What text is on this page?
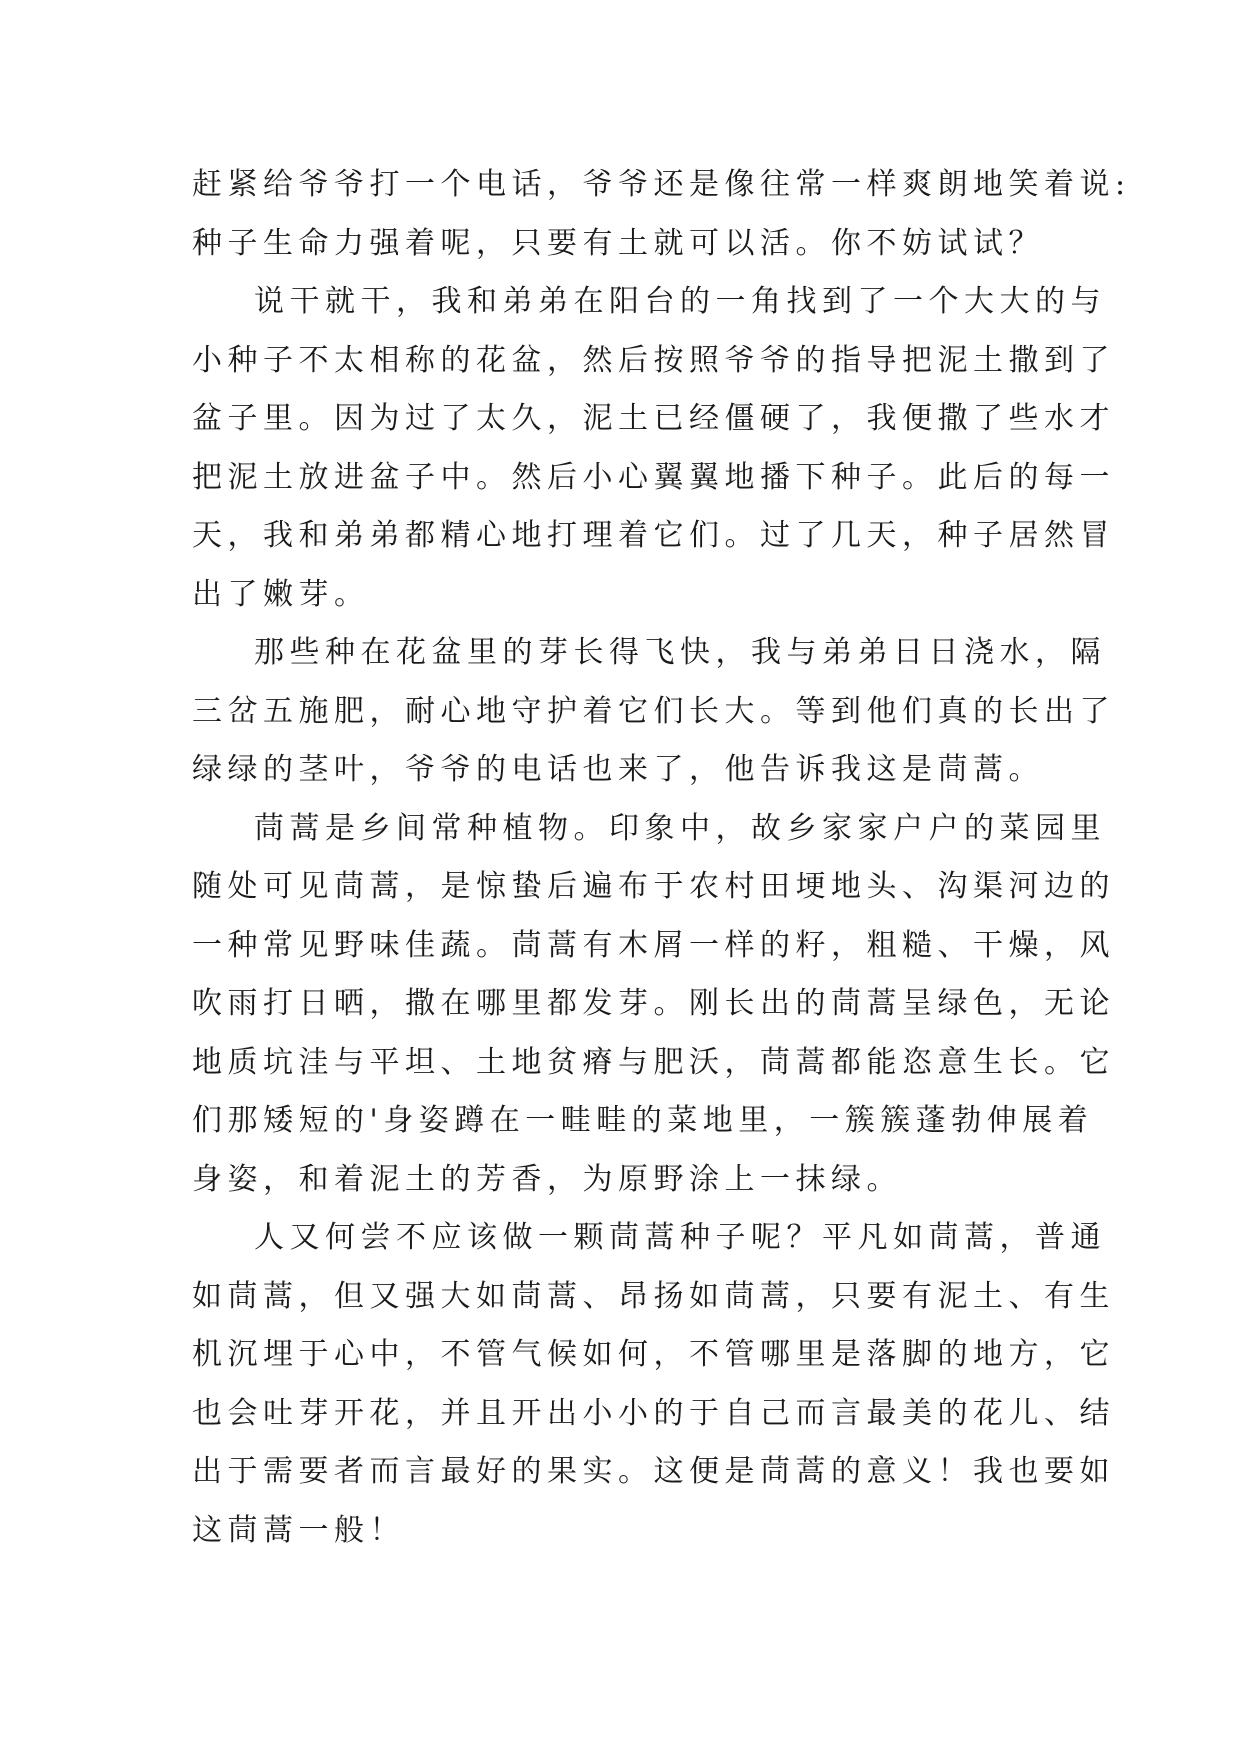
赶紧给爷爷打一个电话，爷爷还是像往常一样爽朗地笑着说:
种子生命力强着呢，只要有土就可以活。你不妨试试？
说干就干，我和弟弟在阳台的一角找到了一个大大的与
小种子不太相称的花盆，然后按照爷爷的指导把泥土撒到了
盆子里。因为过了太久，泥土已经僵硬了，我便撒了些水才
把泥土放进盆子中。然后小心翼翼地播下种子。此后的每一
天，我和弟弟都精心地打理着它们。过了几天，种子居然冒
出了嫩芽。
那些种在花盆里的芽长得飞快，我与弟弟日日浇水，隔
三岔五施肥，耐心地守护着它们长大。等到他们真的长出了
绿绿的茎叶，爷爷的电话也来了，他告诉我这是茼蒿。
茼蒿是乡间常种植物。印象中，故乡家家户户的菜园里
随处可见茼蒿，是惊蛰后遍布于农村田埂地头、沟渠河边的
一种常见野味佳蔬。茼蒿有木屑一样的籽，粗糙、干燥，风
吹雨打日晒，撒在哪里都发芽。刚长出的茼蒿呈绿色，无论
地质坑洼与平坦、土地贫瘠与肥沃，茼蒿都能恣意生长。它
们那矮短的'身姿蹲在一畦畦的菜地里，一簇簇蓬勃伸展着
身姿，和着泥土的芳香，为原野涂上一抹绿。
人又何尝不应该做一颗茼蒿种子呢？平凡如茼蒿，普通
如茼蒿，但又强大如茼蒿、昂扬如茼蒿，只要有泥土、有生
机沉埋于心中，不管气候如何，不管哪里是落脚的地方，它
也会吐芽开花，并且开出小小的于自己而言最美的花儿、结
出于需要者而言最好的果实。这便是茼蒿的意义！我也要如
这茼蒿一般！
